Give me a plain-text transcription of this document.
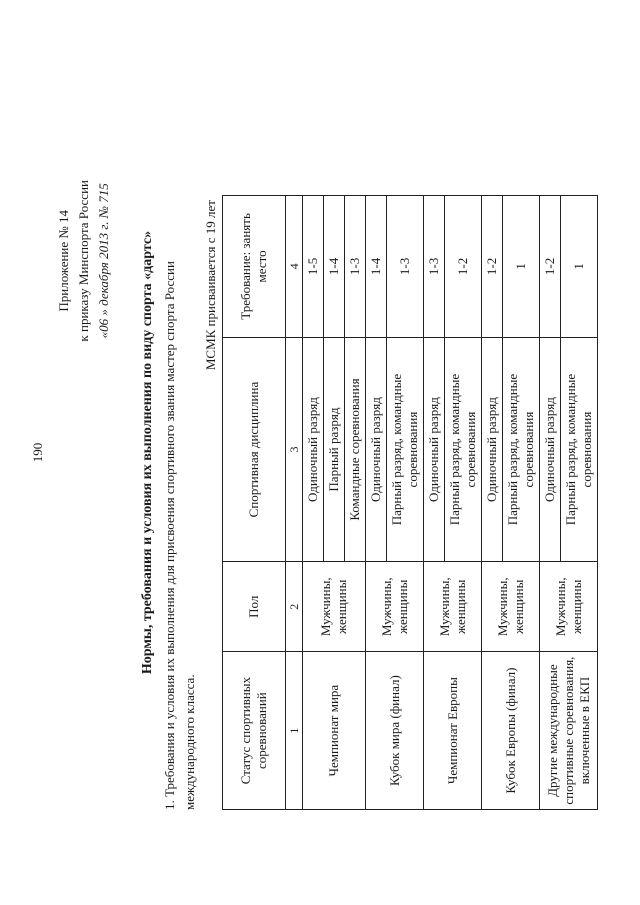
190
Приложение № 14 к приказу Минспорта России «06 » декабря 2013 г. № 715 Нормы, требования и условия их выполнения по виду спорта «дартс» 1. Требования и условия их выполнения для присвоения спортивного звания мастер спорта России международного класса.
МСМК присваивается с 19 лет
Статус спортивных соревнований	Пол	Спортивная дисциплина	Требование: занять место
1	2	3	4
Чемпионат мира	Мужчины, женщины	Одиночный разряд	1-5
		Парный разряд	1-4
		Командные соревнования	1-3
Кубок мира (финал)	Мужчины, женщины	Одиночный разряд	1-4
		Парный разряд, командные соревнования	1-3
Чемпионат Европы	Мужчины, женщины	Одиночный разряд	1-3
		Парный разряд, командные соревнования	1-2
Кубок Европы (финал)	Мужчины, женщины	Одиночный разряд	1-2
		Парный разряд, командные соревнования	1
Другие международные спортивные соревнования, включенные в ЕКП	Мужчины, женщины	Одиночный разряд	1-2
		Парный разряд, командные соревнования	1
